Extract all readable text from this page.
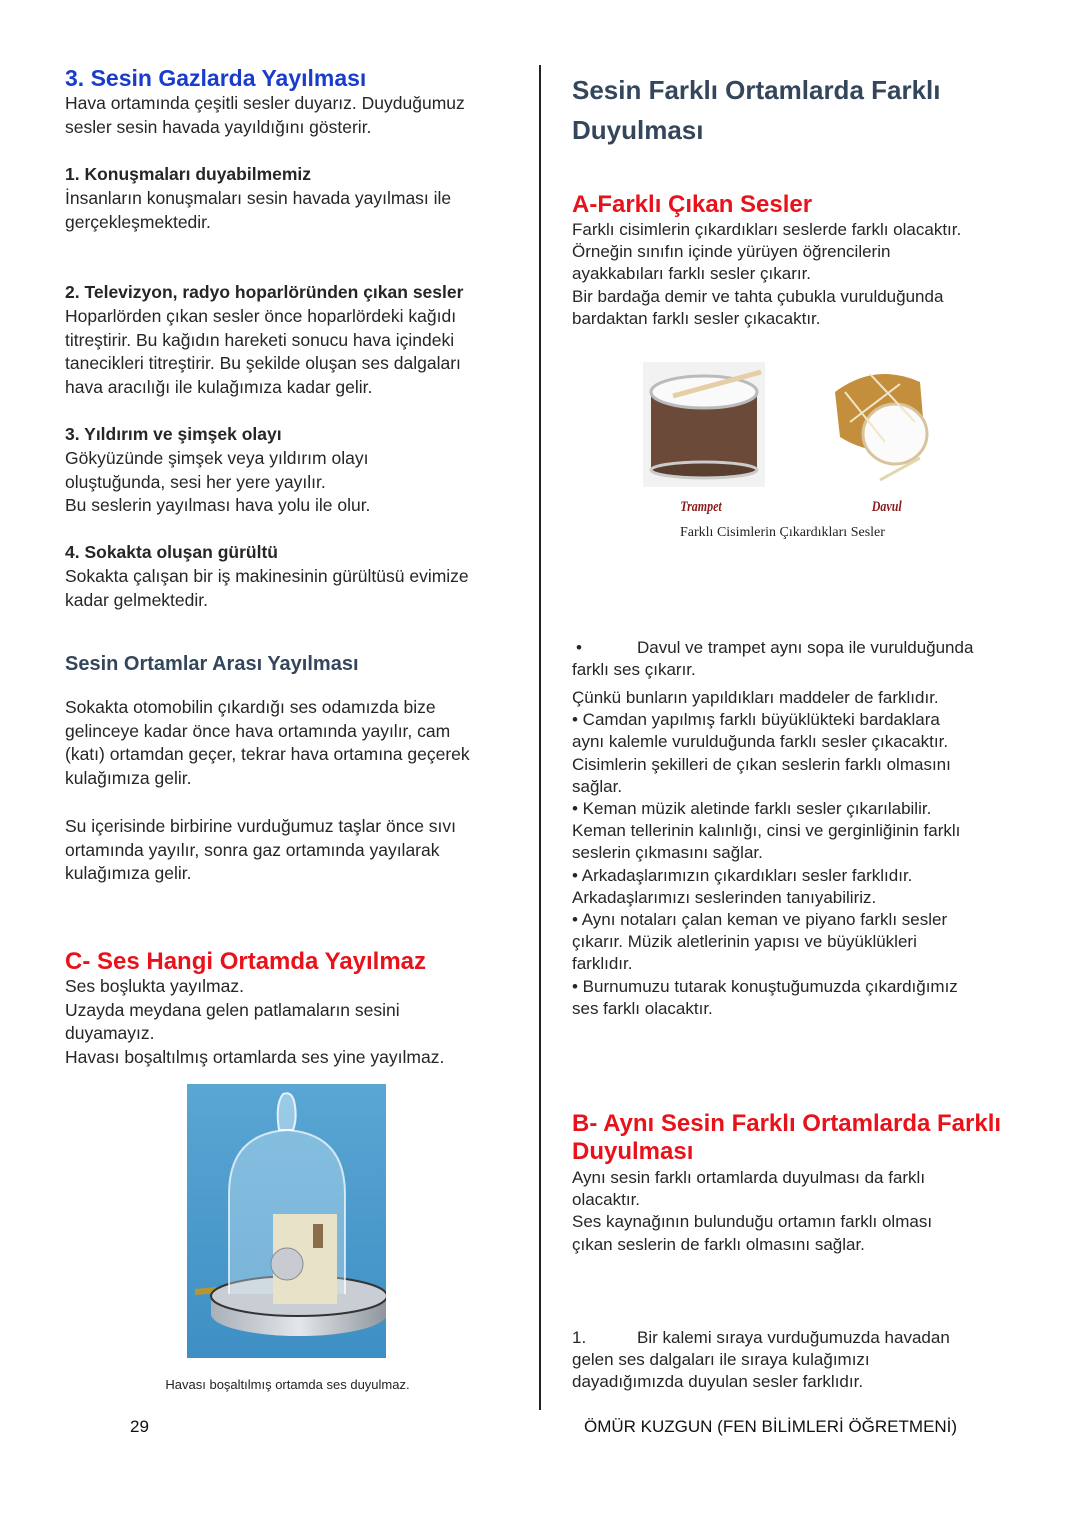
3. Sesin Gazlarda Yayılması
Hava ortamında çeşitli sesler duyarız. Duyduğumuz
sesler sesin havada yayıldığını gösterir.
1. Konuşmaları duyabilmemiz
İnsanların konuşmaları sesin havada yayılması ile
gerçekleşmektedir.
2. Televizyon, radyo hoparlöründen çıkan sesler
Hoparlörden çıkan sesler önce hoparlördeki kağıdı
titreştirir. Bu kağıdın hareketi sonucu hava içindeki
tanecikleri titreştirir. Bu şekilde oluşan ses dalgaları
hava aracılığı ile kulağımıza kadar gelir.
3. Yıldırım ve şimşek olayı
Gökyüzünde şimşek veya yıldırım olayı
oluştuğunda, sesi her yere yayılır.
Bu seslerin yayılması hava yolu ile olur.
4. Sokakta oluşan gürültü
Sokakta çalışan bir iş makinesinin gürültüsü evimize
kadar gelmektedir.
Sesin Ortamlar Arası Yayılması
Sokakta otomobilin çıkardığı ses odamızda bize
gelinceye kadar önce hava ortamında yayılır, cam
(katı) ortamdan geçer, tekrar hava ortamına geçerek
kulağımıza gelir.
Su içerisinde birbirine vurduğumuz taşlar önce sıvı
ortamında yayılır, sonra gaz ortamında yayılarak
kulağımıza gelir.
C- Ses Hangi Ortamda Yayılmaz
Ses boşlukta yayılmaz.
Uzayda meydana gelen patlamaların sesini
duyamayız.
Havası boşaltılmış ortamlarda ses yine yayılmaz.
Havası boşaltılmış ortamda ses duyulmaz.
Sesin Farklı Ortamlarda Farklı
Duyulması
A-Farklı Çıkan Sesler
Farklı cisimlerin çıkardıkları seslerde farklı olacaktır.
Örneğin sınıfın içinde yürüyen öğrencilerin
ayakkabıları farklı sesler çıkarır.
Bir bardağa demir ve tahta çubukla vurulduğunda
bardaktan farklı sesler çıkacaktır.
Trampet	Davul
Farklı Cisimlerin Çıkardıkları Sesler
•	Davul ve trampet aynı sopa ile vurulduğunda
farklı ses çıkarır.
Çünkü bunların yapıldıkları maddeler de farklıdır.
• Camdan yapılmış farklı büyüklükteki bardaklara
aynı kalemle vurulduğunda farklı sesler çıkacaktır.
Cisimlerin şekilleri de çıkan seslerin farklı olmasını
sağlar.
• Keman müzik aletinde farklı sesler çıkarılabilir.
Keman tellerinin kalınlığı, cinsi ve gerginliğinin farklı
seslerin çıkmasını sağlar.
• Arkadaşlarımızın çıkardıkları sesler farklıdır.
Arkadaşlarımızı seslerinden tanıyabiliriz.
• Aynı notaları çalan keman ve piyano farklı sesler
çıkarır. Müzik aletlerinin yapısı ve büyüklükleri
farklıdır.
• Burnumuzu tutarak konuştuğumuzda çıkardığımız
ses farklı olacaktır.
B- Aynı Sesin Farklı Ortamlarda Farklı
Duyulması
Aynı sesin farklı ortamlarda duyulması da farklı
olacaktır.
Ses kaynağının bulunduğu ortamın farklı olması
çıkan seslerin de farklı olmasını sağlar.
1.	Bir kalemi sıraya vurduğumuzda havadan
gelen ses dalgaları ile sıraya kulağımızı
dayadığımızda duyulan sesler farklıdır.
29	ÖMÜR KUZGUN (FEN BİLİMLERİ ÖĞRETMENİ)
